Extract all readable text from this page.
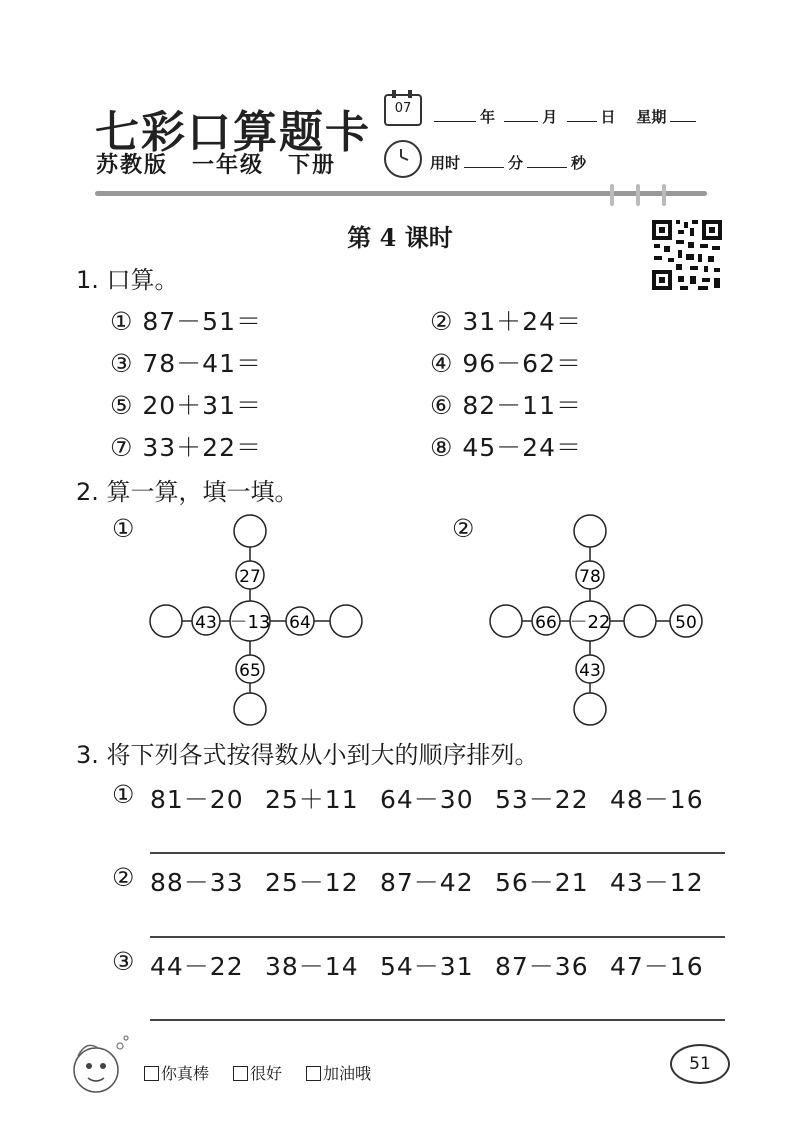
七彩口算题卡
苏教版　一年级　下册
07	年	月	日 星期
用时	分	秒
第 4 课时
1. 口算。
① 87－51＝	② 31＋24＝
③ 78－41＝	④ 96－62＝
⑤ 20＋31＝	⑥ 82－11＝
⑦ 33＋22＝	⑧ 45－24＝
2. 算一算，填一填。
①	②
27
43 －13 64
65
78
66 －22	50
43
3. 将下列各式按得数从小到大的顺序排列。
① 81－20 25＋11 64－30 53－22 48－16
② 88－33 25－12 87－42 56－21 43－12
③ 44－22 38－14 54－31 87－36 47－16
你真棒	很好	加油哦	51
